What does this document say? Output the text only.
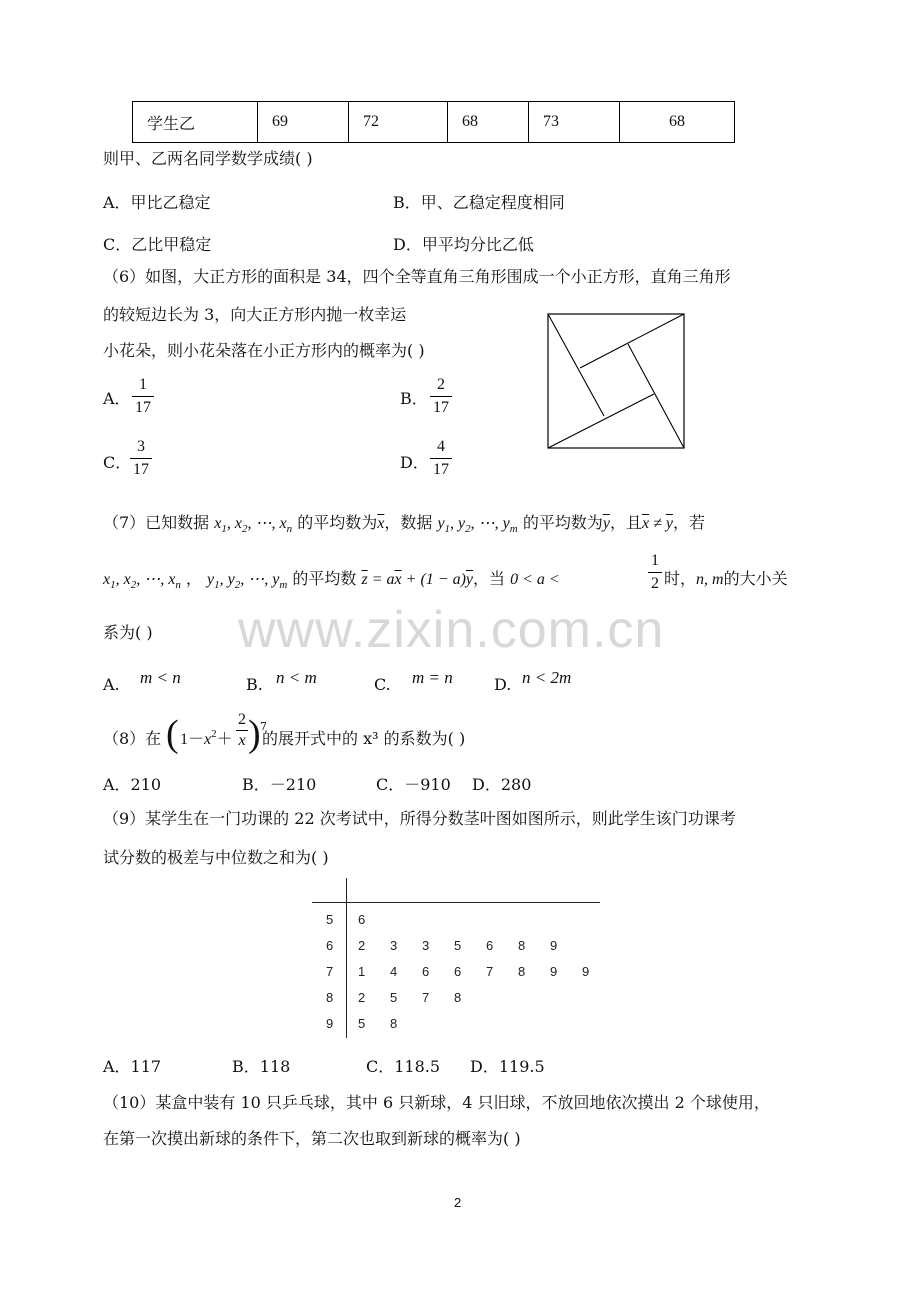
学生乙	69	72	68	73	68
则甲、乙两名同学数学成绩( )
A．甲比乙稳定	B．甲、乙稳定程度相同
C．乙比甲稳定	D．甲平均分比乙低
（6）如图，大正方形的面积是 34，四个全等直角三角形围成一个小正方形，直角三角形
的较短边长为 3，向大正方形内抛一枚幸运
小花朵，则小花朵落在小正方形内的概率为( )
A．
1
17	B．
2
17
C．
3
17	D．
4
17
（7）已知数据 $x_1$, $x_2$, ⋯, $x_n$ 的平均数为$\overline{x}$，数据 $y_1$, $y_2$, ⋯, $y_m$ 的平均数为$\overline{y}$，且$\overline{x} \ne \overline{y}$，若
$x_1$, $x_2$, ⋯, $x_n$ ， $y_1$, $y_2$, ⋯, $y_m$ 的平均数 $\overline{z} = a\overline{x} + (1 - a)\overline{y}$，当 0 < a <
1
2 时，n, m的大小关
系为( )
A. m < n	B. n < m	C. m = n	D. n < 2m
（8）在 ( $1-x^2+$
2
x ) 7
的展开式中的 x³ 的系数为( )
A．210	B．－210	C．－910 D．280
（9）某学生在一门功课的 22 次考试中，所得分数茎叶图如图所示，则此学生该门功课考
试分数的极差与中位数之和为( )
5 6
6 2 3 3 5 6 8 9
7 1 4 6 6 7 8 9 9
8 2 5 7 8
9 5 8
A．117	B．118	C．118.5 D．119.5
（10）某盒中装有 10 只乒乓球，其中 6 只新球，4 只旧球，不放回地依次摸出 2 个球使用，
在第一次摸出新球的条件下，第二次也取到新球的概率为( )
www.zixin.com.cn
2
